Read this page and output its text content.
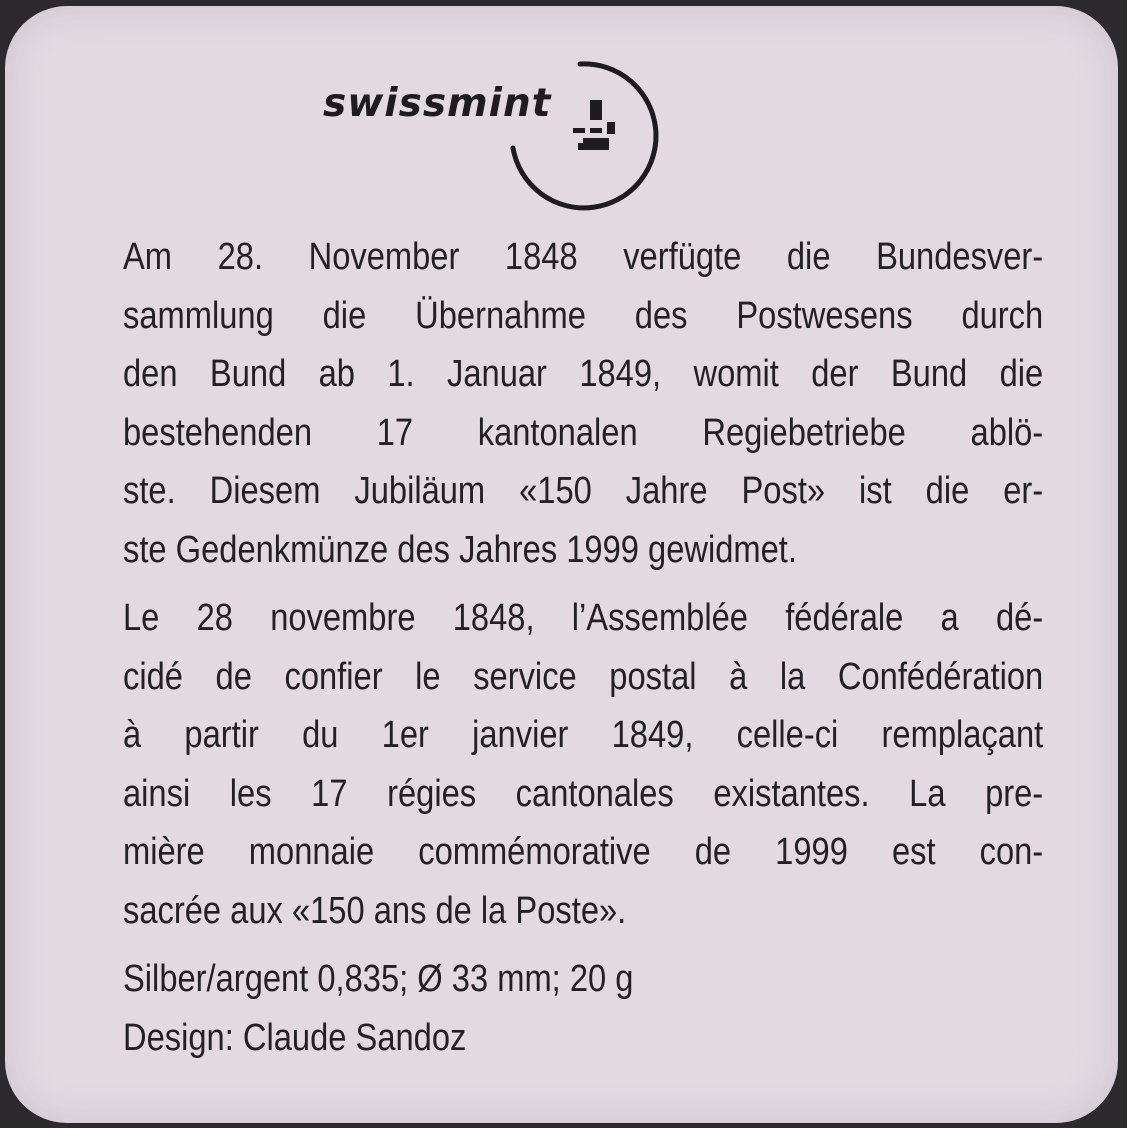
swissmint
Am 28. November 1848 verfügte die Bundesver-
sammlung die Übernahme des Postwesens durch
den Bund ab 1. Januar 1849, womit der Bund die
bestehenden 17 kantonalen Regiebetriebe ablö-
ste. Diesem Jubiläum «150 Jahre Post» ist die er-
ste Gedenkmünze des Jahres 1999 gewidmet.
Le 28 novembre 1848, l’Assemblée fédérale a dé-
cidé de confier le service postal à la Confédération
à partir du 1er janvier 1849, celle-ci remplaçant
ainsi les 17 régies cantonales existantes. La pre-
mière monnaie commémorative de 1999 est con-
sacrée aux «150 ans de la Poste».
Silber/argent 0,835; Ø 33 mm; 20 g
Design: Claude Sandoz
